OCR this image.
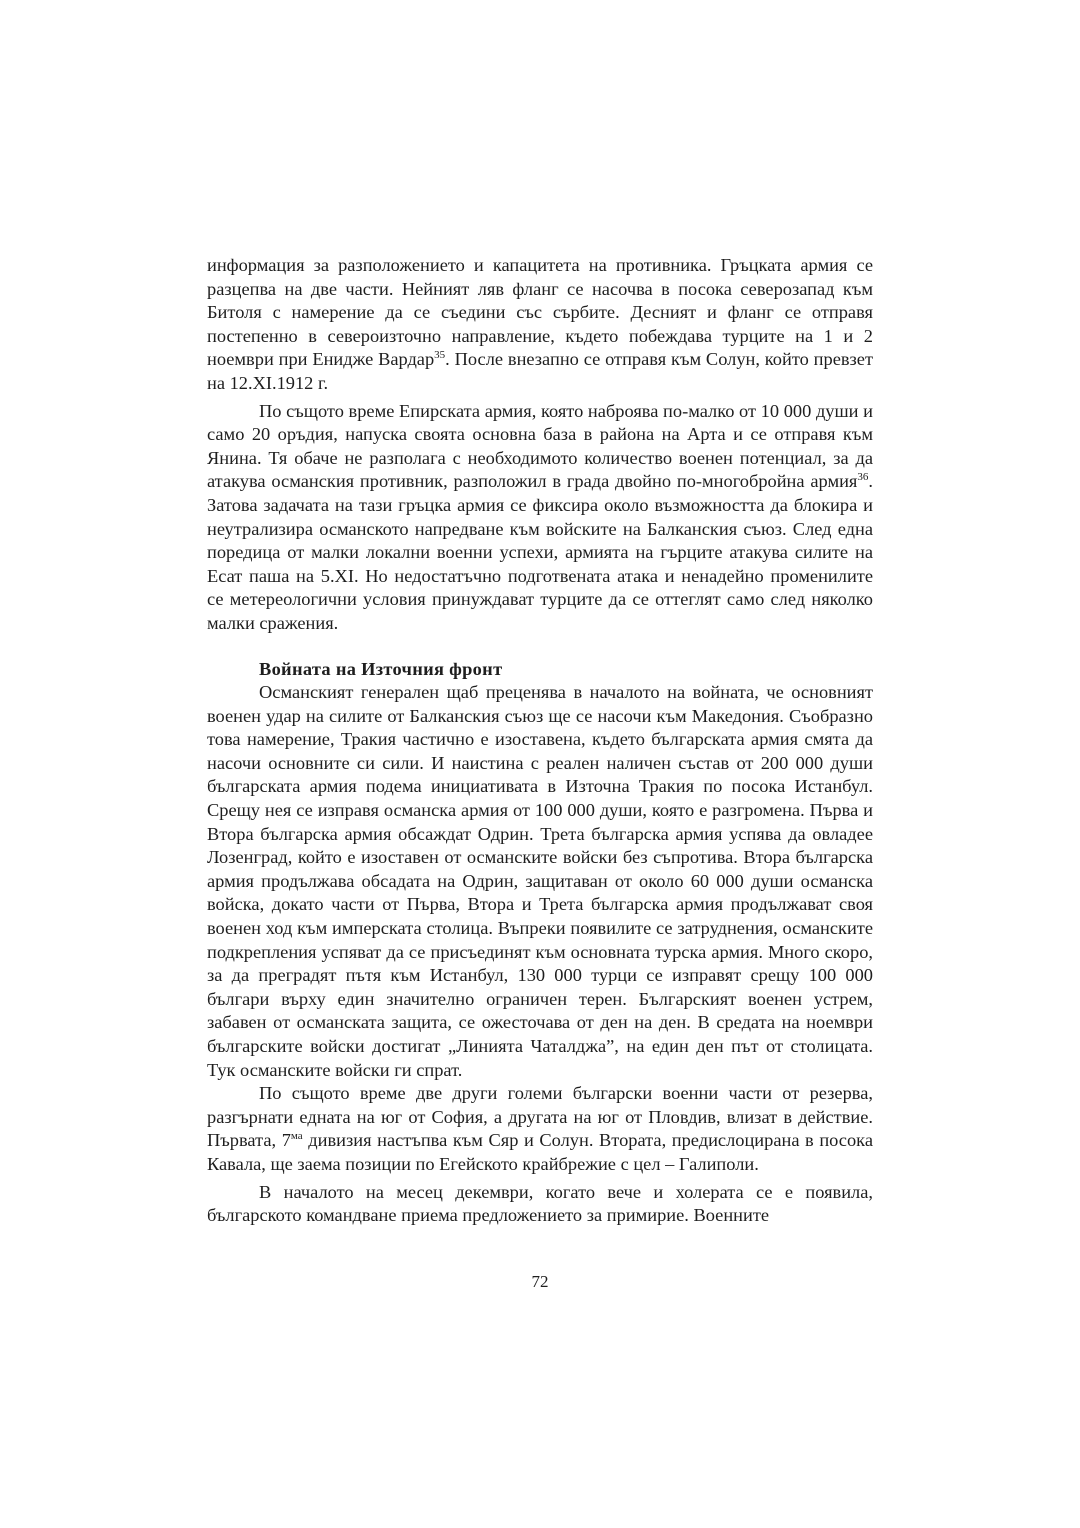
информация за разположението и капацитета на противника. Гръцката армия се разцепва на две части. Нейният ляв фланг се насочва в посока северозапад към Битоля с намерение да се съедини със сърбите. Десният и фланг се отправя постепенно в североизточно направление, където побеждава турците на 1 и 2 ноември при Енидже Вардар$^{35}$. После внезапно се отправя към Солун, който превзет на 12.XI.1912 г.

По същото време Епирската армия, която наброява по-малко от 10 000 души и само 20 оръдия, напуска своята основна база в района на Арта и се отправя към Янина. Тя обаче не разполага с необходимото количество военен потенциал, за да атакува османския противник, разположил в града двойно по-многобройна армия$^{36}$. Затова задачата на тази гръцка армия се фиксира около възможността да блокира и неутрализира османското напредване към войските на Балканския съюз. След една поредица от малки локални военни успехи, армията на гърците атакува силите на Есат паша на 5.XI. Но недостатъчно подготвената атака и ненадейно променилите се метереологични условия принуждават турците да се оттеглят само след няколко малки сражения.

Войната на Източния фронт

Османският генерален щаб преценява в началото на войната, че основният военен удар на силите от Балканския съюз ще се насочи към Македония. Съобразно това намерение, Тракия частично е изоставена, където българската армия смята да насочи основните си сили. И наистина с реален наличен състав от 200 000 души българската армия подема инициативата в Източна Тракия по посока Истанбул. Срещу нея се изправя османска армия от 100 000 души, която е разгромена. Първа и Втора българска армия обсаждат Одрин. Трета българска армия успява да овладее Лозенград, който е изоставен от османските войски без съпротива. Втора българска армия продължава обсадата на Одрин, защитаван от около 60 000 души османска войска, докато части от Първа, Втора и Трета българска армия продължават своя военен ход към имперската столица. Въпреки появилите се затруднения, османските подкрепления успяват да се присъединят към основната турска армия. Много скоро, за да преградят пътя към Истанбул, 130 000 турци се изправят срещу 100 000 българи върху един значително ограничен терен. Българският военен устрем, забавен от османската защита, се ожесточава от ден на ден. В средата на ноември българските войски достигат „Линията Чаталджа”, на един ден път от столицата. Тук османските войски ги спрат.

По същото време две други големи български военни части от резерва, разгърнати едната на юг от София, а другата на юг от Пловдив, влизат в действие. Първата, $7^{ма}$ дивизия настъпва към Сяр и Солун. Втората, предислоцирана в посока Кавала, ще заема позиции по Егейското крайбрежие с цел – Галиполи.

В началото на месец декември, когато вече и холерата се е появила, българското командване приема предложението за примирие. Военните

72
